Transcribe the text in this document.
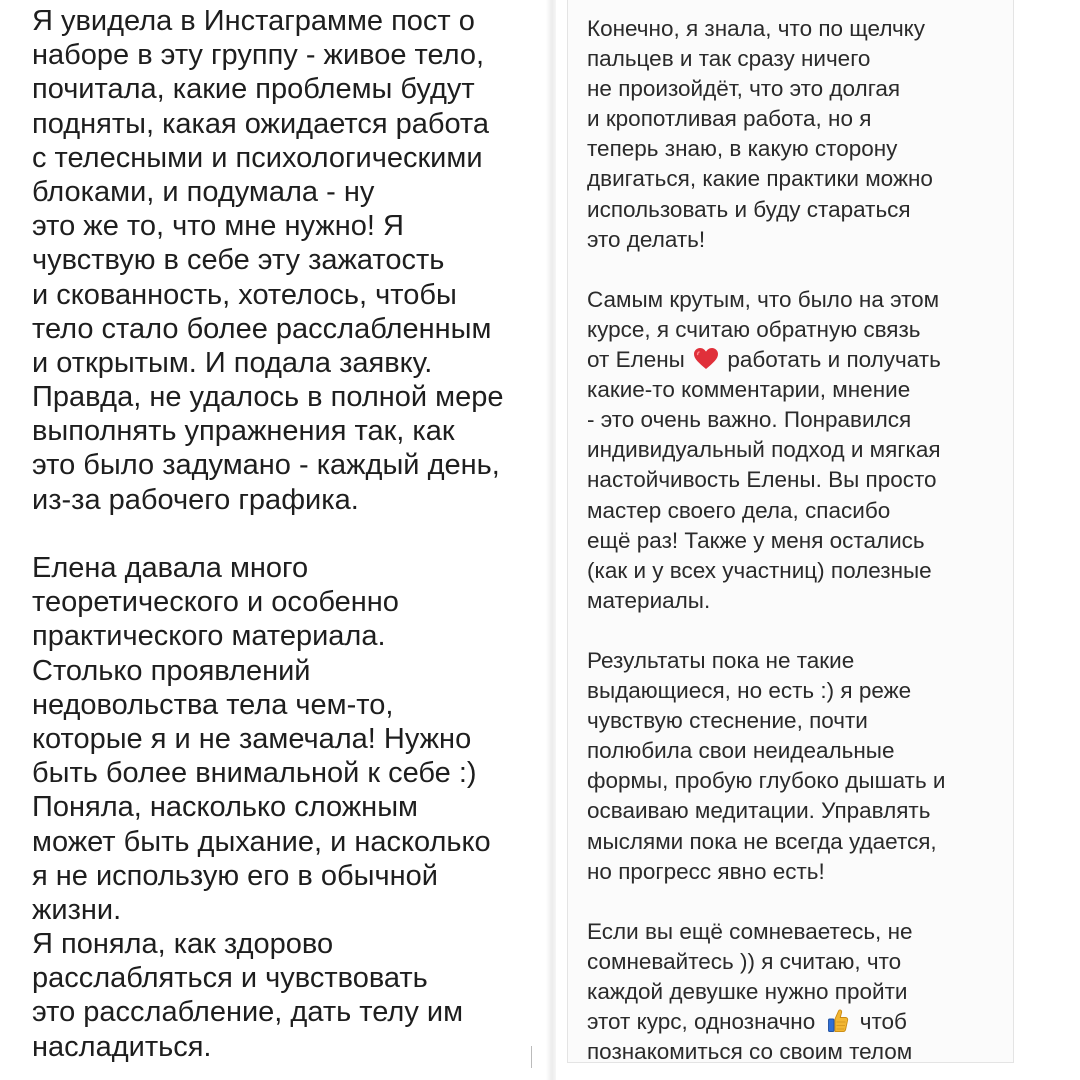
Я увидела в Инстаграмме пост о
наборе в эту группу - живое тело,
почитала, какие проблемы будут
подняты, какая ожидается работа
с телесными и психологическими
блоками, и подумала - ну
это же то, что мне нужно! Я
чувствую в себе эту зажатость
и скованность, хотелось, чтобы
тело стало более расслабленным
и открытым. И подала заявку.
Правда, не удалось в полной мере
выполнять упражнения так, как
это было задумано - каждый день,
из-за рабочего графика.
Елена давала много
теоретического и особенно
практического материала.
Столько проявлений
недовольства тела чем-то,
которые я и не замечала! Нужно
быть более внимальной к себе :)
Поняла, насколько сложным
может быть дыхание, и насколько
я не использую его в обычной
жизни.
Я поняла, как здорово
расслабляться и чувствовать
это расслабление, дать телу им
насладиться.
Конечно, я знала, что по щелчку
пальцев и так сразу ничего
не произойдёт, что это долгая
и кропотливая работа, но я
теперь знаю, в какую сторону
двигаться, какие практики можно
использовать и буду стараться
это делать!
Самым крутым, что было на этом
курсе, я считаю обратную связь
от Елены работать и получать
какие-то комментарии, мнение
- это очень важно. Понравился
индивидуальный подход и мягкая
настойчивость Елены. Вы просто
мастер своего дела, спасибо
ещё раз! Также у меня остались
(как и у всех участниц) полезные
материалы.
Результаты пока не такие
выдающиеся, но есть :) я реже
чувствую стеснение, почти
полюбила свои неидеальные
формы, пробую глубоко дышать и
осваиваю медитации. Управлять
мыслями пока не всегда удается,
но прогресс явно есть!
Если вы ещё сомневаетесь, не
сомневайтесь )) я считаю, что
каждой девушке нужно пройти
этот курс, однозначно чтоб
познакомиться со своим телом
